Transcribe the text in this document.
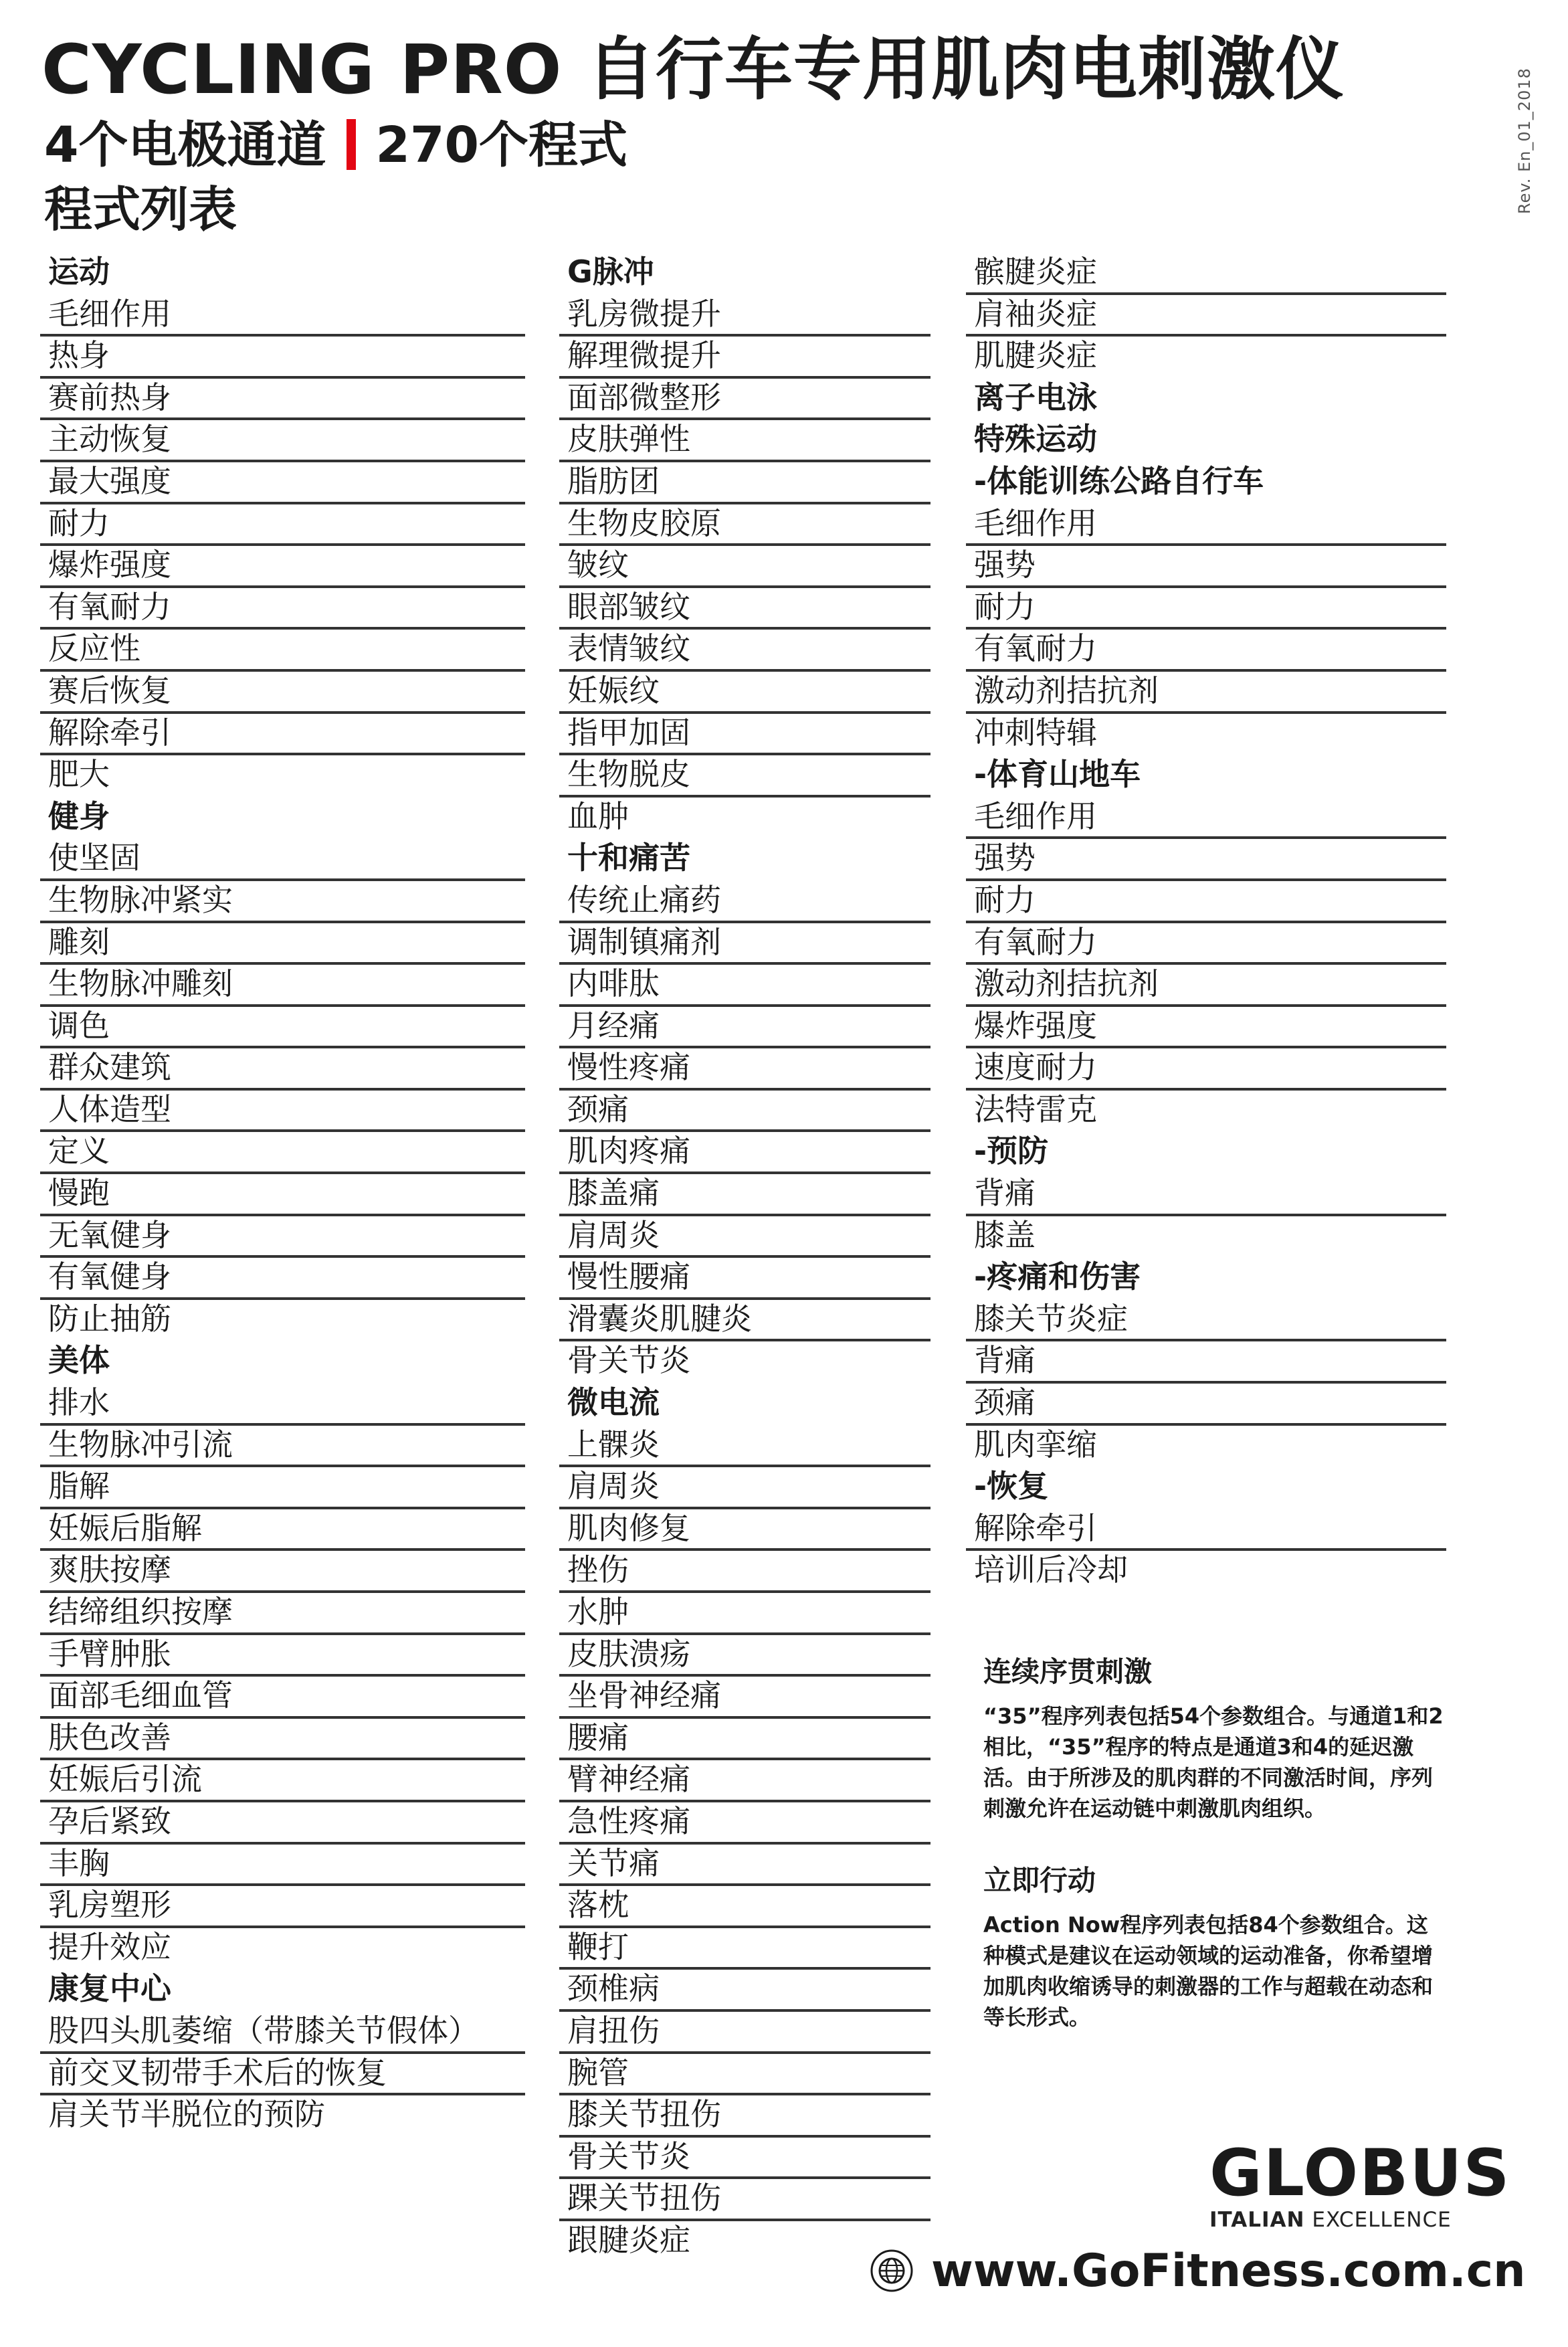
CYCLING PRO 自行车专用肌肉电刺激仪
4个电极通道 270个程式
程式列表	Rev. En_01_2018
运动
毛细作用
热身
赛前热身
主动恢复
最大强度
耐力
爆炸强度
有氧耐力
反应性
赛后恢复
解除牵引
肥大
健身
使坚固
生物脉冲紧实
雕刻
生物脉冲雕刻
调色
群众建筑
人体造型
定义
慢跑
无氧健身
有氧健身
防止抽筋
美体
排水
生物脉冲引流
脂解
妊娠后脂解
爽肤按摩
结缔组织按摩
手臂肿胀
面部毛细血管
肤色改善
妊娠后引流
孕后紧致
丰胸
乳房塑形
提升效应
康复中心
股四头肌萎缩（带膝关节假体）
前交叉韧带手术后的恢复
肩关节半脱位的预防
G脉冲
乳房微提升
解理微提升
面部微整形
皮肤弹性
脂肪团
生物皮胶原
皱纹
眼部皱纹
表情皱纹
妊娠纹
指甲加固
生物脱皮
血肿
十和痛苦
传统止痛药
调制镇痛剂
内啡肽
月经痛
慢性疼痛
颈痛
肌肉疼痛
膝盖痛
肩周炎
慢性腰痛
滑囊炎肌腱炎
骨关节炎
微电流
上髁炎
肩周炎
肌肉修复
挫伤
水肿
皮肤溃疡
坐骨神经痛
腰痛
臂神经痛
急性疼痛
关节痛
落枕
鞭打
颈椎病
肩扭伤
腕管
膝关节扭伤
骨关节炎
踝关节扭伤
跟腱炎症
髌腱炎症
肩袖炎症
肌腱炎症
离子电泳
特殊运动
-体能训练公路自行车
毛细作用
强势
耐力
有氧耐力
激动剂拮抗剂
冲刺特辑
-体育山地车
毛细作用
强势
耐力
有氧耐力
激动剂拮抗剂
爆炸强度
速度耐力
法特雷克
-预防
背痛
膝盖
-疼痛和伤害
膝关节炎症
背痛
颈痛
肌肉挛缩
-恢复
解除牵引
培训后冷却
连续序贯刺激

“35”程序列表包括54个参数组合。与通道1和2相比，“35”程序的特点是通道3和4的延迟激活。由于所涉及的肌肉群的不同激活时间，序列刺激允许在运动链中刺激肌肉组织。

立即行动

Action Now程序列表包括84个参数组合。这种模式是建议在运动领域的运动准备，你希望增加肌肉收缩诱导的刺激器的工作与超载在动态和等长形式。

GLOBUS
ITALIAN EXCELLENCE
www.GoFitness.com.cn
